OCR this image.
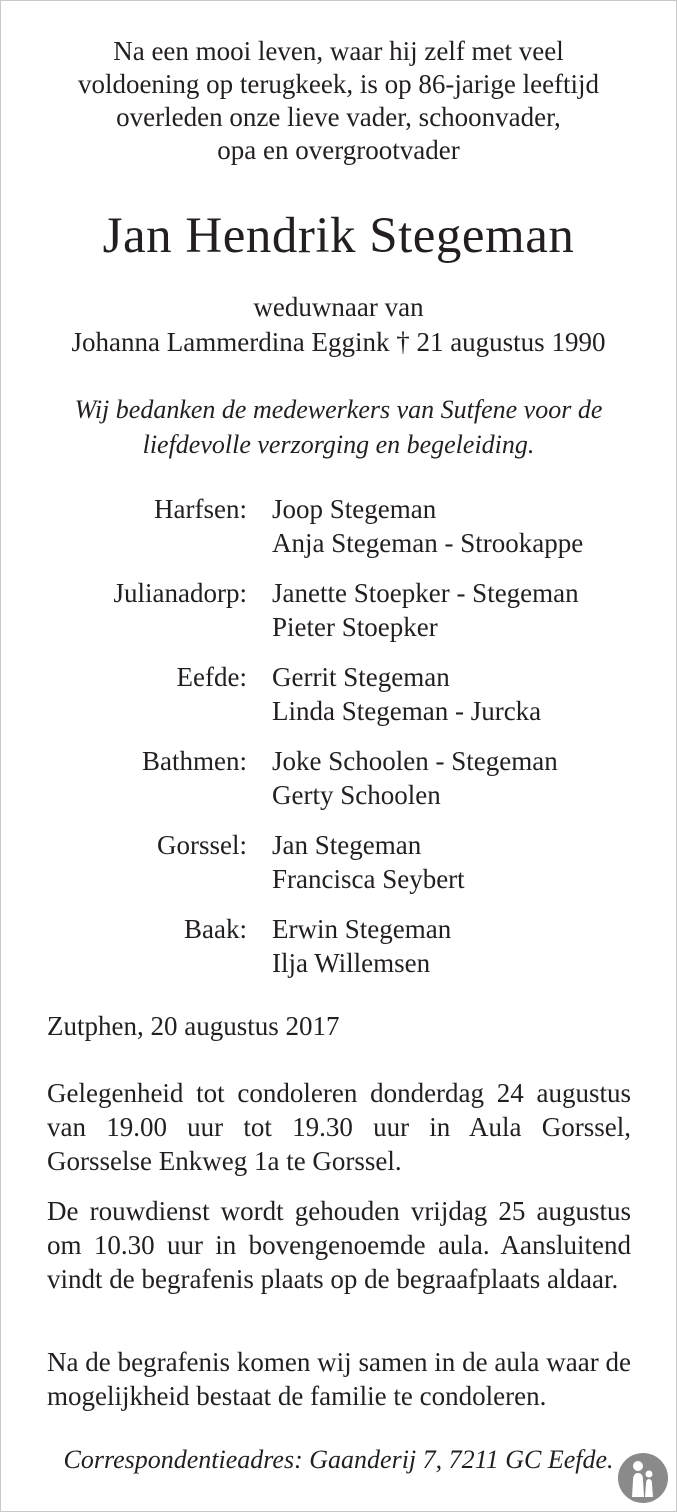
Na een mooi leven, waar hij zelf met veel
voldoening op terugkeek, is op 86-jarige leeftijd
overleden onze lieve vader, schoonvader,
opa en overgrootvader
Jan Hendrik Stegeman
weduwnaar van
Johanna Lammerdina Eggink † 21 augustus 1990
Wij bedanken de medewerkers van Sutfene voor de
liefdevolle verzorging en begeleiding.
Harfsen: Joop Stegeman
Anja Stegeman - Strookappe
Julianadorp: Janette Stoepker - Stegeman
Pieter Stoepker
Eefde: Gerrit Stegeman
Linda Stegeman - Jurcka
Bathmen: Joke Schoolen - Stegeman
Gerty Schoolen
Gorssel: Jan Stegeman
Francisca Seybert
Baak: Erwin Stegeman
Ilja Willemsen
Zutphen, 20 augustus 2017
Gelegenheid tot condoleren donderdag 24 augustus van 19.00 uur tot 19.30 uur in Aula Gorssel, Gorsselse Enkweg 1a te Gorssel.
De rouwdienst wordt gehouden vrijdag 25 augustus om 10.30 uur in bovengenoemde aula. Aansluitend vindt de begrafenis plaats op de begraafplaats aldaar.
Na de begrafenis komen wij samen in de aula waar de mogelijkheid bestaat de familie te condoleren.
Correspondentieadres: Gaanderij 7, 7211 GC Eefde.
